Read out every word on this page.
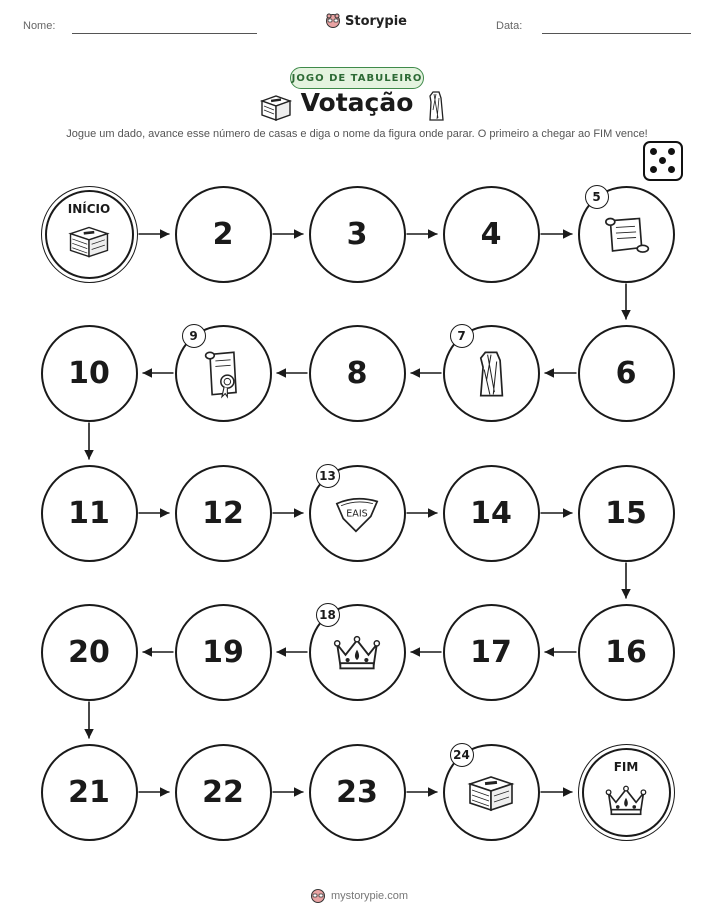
Nome:	Storypie	Data:
JOGO DE TABULEIRO
Votação
Jogue um dado, avance esse número de casas e diga o nome da figura onde parar. O primeiro a chegar ao FIM vence!
INÍCIO
2	3	4
5
6
7
8
9
10
11	12	EAIS
13
14	15
16
17
18
19
20
21	22	23
24
FIM
mystorypie.com
